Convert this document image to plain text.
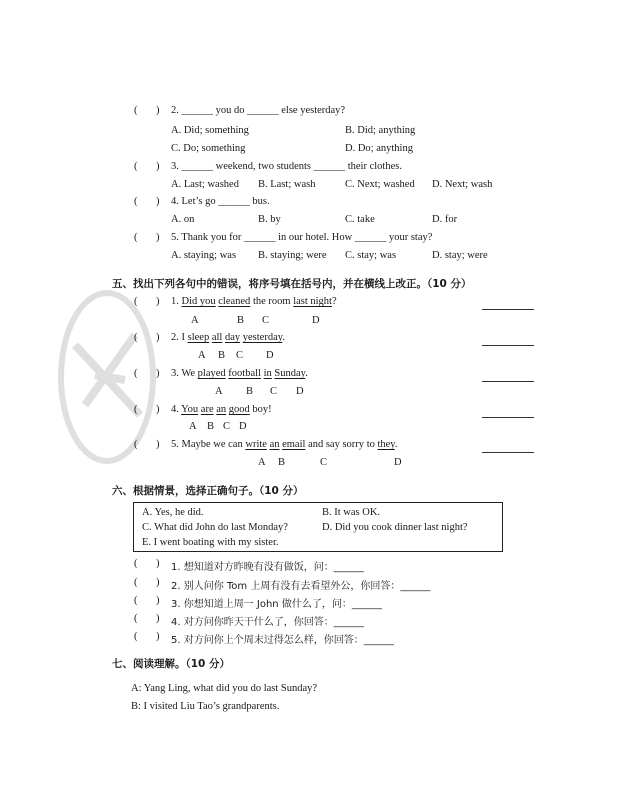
( ) 2. ______ you do ______ else yesterday?
A. Did; something	B. Did; anything
C. Do; something	D. Do; anything
( ) 3. ______ weekend, two students ______ their clothes.
A. Last; washed B. Last; wash	C. Next; washed D. Next; wash
( ) 4. Let’s go ______ bus.
A. on	B. by	C. take	D. for
( ) 5. Thank you for ______ in our hotel. How ______ your stay?
A. staying; was B. staying; were C. stay; was	D. stay; were
五、找出下列各句中的错误，将序号填在括号内，并在横线上改正。（10 分）
( ) 1. Did you cleaned the room last night?
A	B C	D
( ) 2. I sleep all day yesterday.
A B C D
( ) 3. We played football in Sunday.
A B C D
( ) 4. You are an good boy!
A B C D
( ) 5. Maybe we can write an email and say sorry to they.
A B	C	D
六、根据情景，选择正确句子。（10 分）
A. Yes, he did.	B. It was OK.
C. What did John do last Monday?	D. Did you cook dinner last night?
E. I went boating with my sister.
( ) 1. 想知道对方昨晚有没有做饭，问：______
( ) 2. 别人问你 Tom 上周有没有去看望外公，你回答：______
( ) 3. 你想知道上周一 John 做什么了，问：______
( ) 4. 对方问你昨天干什么了，你回答：______
( ) 5. 对方问你上个周末过得怎么样，你回答：______
七、阅读理解。（10 分）
A: Yang Ling, what did you do last Sunday?
B: I visited Liu Tao’s grandparents.
